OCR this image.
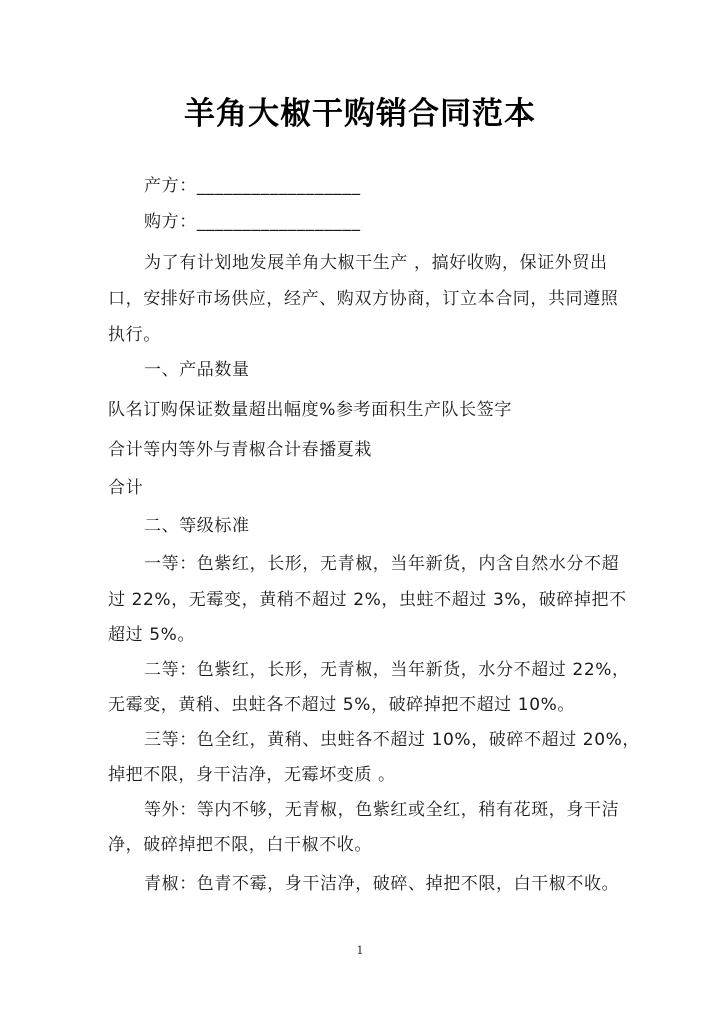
羊角大椒干购销合同范本
产方：__________________
购方：__________________
为了有计划地发展羊角大椒干生产 ，搞好收购，保证外贸出
口，安排好市场供应，经产、购双方协商，订立本合同，共同遵照
执行。
一、产品数量
队名订购保证数量超出幅度%参考面积生产队长签字
合计等内等外与青椒合计春播夏栽
合计
二、等级标准
一等：色紫红，长形，无青椒，当年新货，内含自然水分不超
过 22%，无霉变，黄稍不超过 2%，虫蛀不超过 3%，破碎掉把不
超过 5%。
二等：色紫红，长形，无青椒，当年新货，水分不超过 22%，
无霉变，黄稍、虫蛀各不超过 5%，破碎掉把不超过 10%。
三等：色全红，黄稍、虫蛀各不超过 10%，破碎不超过 20%，
掉把不限，身干洁净，无霉坏变质 。
等外：等内不够，无青椒，色紫红或全红，稍有花斑，身干洁
净，破碎掉把不限，白干椒不收。
青椒：色青不霉，身干洁净，破碎、掉把不限，白干椒不收。
1
